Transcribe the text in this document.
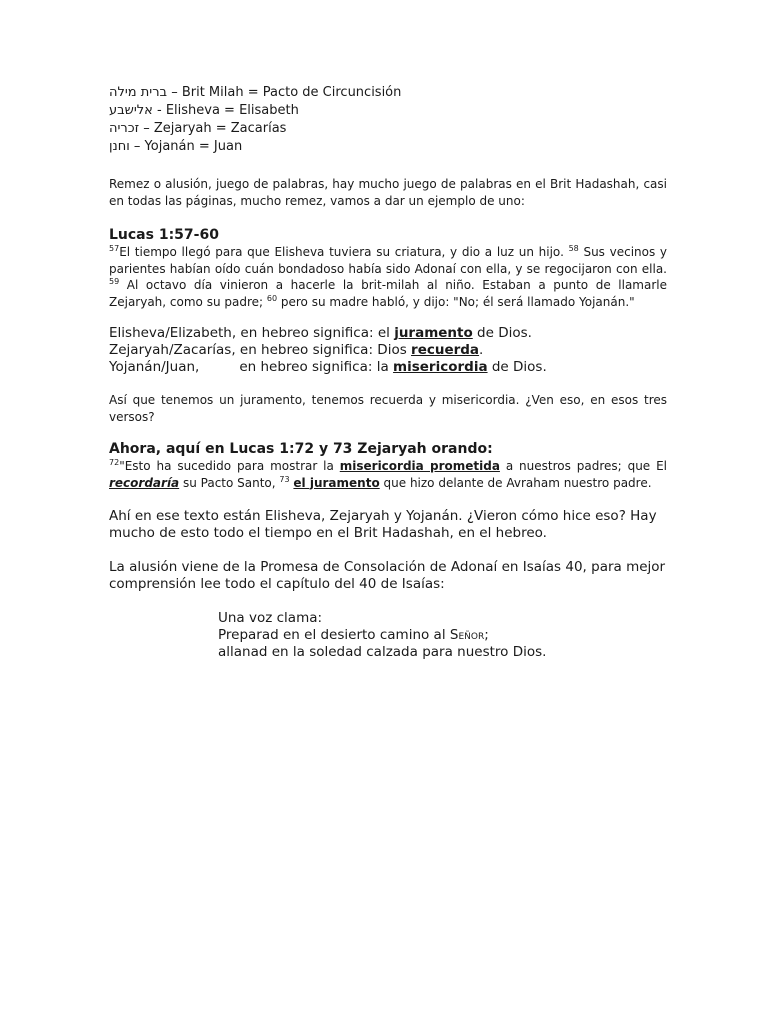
ברית מילה – Brit Milah = Pacto de Circuncisión

אלישבע - Elisheva = Elisabeth

זכריה – Zejaryah = Zacarías

וחנן – Yojanán = Juan

Remez o alusión, juego de palabras, hay mucho juego de palabras en el Brit Hadashah, casi en todas las páginas, mucho remez, vamos a dar un ejemplo de uno:

Lucas 1:57-60

$^{57}$El tiempo llegó para que Elisheva tuviera su criatura, y dio a luz un hijo. $^{58}$ Sus vecinos y parientes habían oído cuán bondadoso había sido Adonaí con ella, y se regocijaron con ella. $^{59}$ Al octavo día vinieron a hacerle la brit-milah al niño. Estaban a punto de llamarle Zejaryah, como su padre; $^{60}$ pero su madre habló, y dijo: "No; él será llamado Yojanán."

Elisheva/Elizabeth, en hebreo significa: el juramento de Dios.

Zejaryah/Zacarías, en hebreo significa: Dios recuerda.

Yojanán/Juan,	en hebreo significa: la misericordia de Dios.

Así que tenemos un juramento, tenemos recuerda y misericordia. ¿Ven eso, en esos tres versos?

Ahora, aquí en Lucas 1:72 y 73 Zejaryah orando:

$^{72}$"Esto ha sucedido para mostrar la misericordia prometida a nuestros padres; que El recordaría su Pacto Santo, $^{73}$ el juramento que hizo delante de Avraham nuestro padre.

Ahí en ese texto están Elisheva, Zejaryah y Yojanán. ¿Vieron cómo hice eso? Hay mucho de esto todo el tiempo en el Brit Hadashah, en el hebreo.

La alusión viene de la Promesa de Consolación de Adonaí en Isaías 40, para mejor comprensión lee todo el capítulo del 40 de Isaías:

Una voz clama:

Preparad en el desierto camino al Señor;

allanad en la soledad calzada para nuestro Dios.
